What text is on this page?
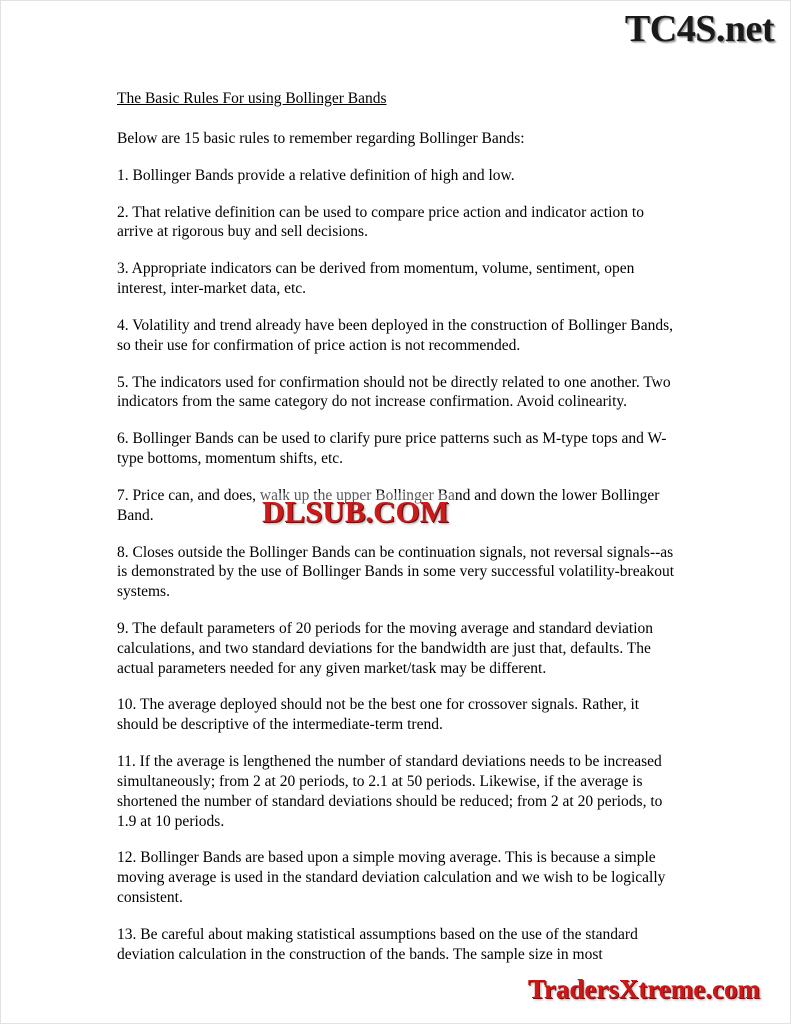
TC4S.net

The Basic Rules For using Bollinger Bands

Below are 15 basic rules to remember regarding Bollinger Bands:

1. Bollinger Bands provide a relative definition of high and low.

2. That relative definition can be used to compare price action and indicator action to arrive at rigorous buy and sell decisions.

3. Appropriate indicators can be derived from momentum, volume, sentiment, open interest, inter-market data, etc.

4. Volatility and trend already have been deployed in the construction of Bollinger Bands, so their use for confirmation of price action is not recommended.

5. The indicators used for confirmation should not be directly related to one another. Two indicators from the same category do not increase confirmation. Avoid colinearity.

6. Bollinger Bands can be used to clarify pure price patterns such as M-type tops and W-type bottoms, momentum shifts, etc.

7. Price can, and does, walk up the upper Bollinger Band and down the lower Bollinger Band.

8. Closes outside the Bollinger Bands can be continuation signals, not reversal signals--as is demonstrated by the use of Bollinger Bands in some very successful volatility-breakout systems.

9. The default parameters of 20 periods for the moving average and standard deviation calculations, and two standard deviations for the bandwidth are just that, defaults. The actual parameters needed for any given market/task may be different.

10. The average deployed should not be the best one for crossover signals. Rather, it should be descriptive of the intermediate-term trend.

11. If the average is lengthened the number of standard deviations needs to be increased simultaneously; from 2 at 20 periods, to 2.1 at 50 periods. Likewise, if the average is shortened the number of standard deviations should be reduced; from 2 at 20 periods, to 1.9 at 10 periods.

12. Bollinger Bands are based upon a simple moving average. This is because a simple moving average is used in the standard deviation calculation and we wish to be logically consistent.

13. Be careful about making statistical assumptions based on the use of the standard deviation calculation in the construction of the bands. The sample size in most

DLSUB.COM
TradersXtreme.com
